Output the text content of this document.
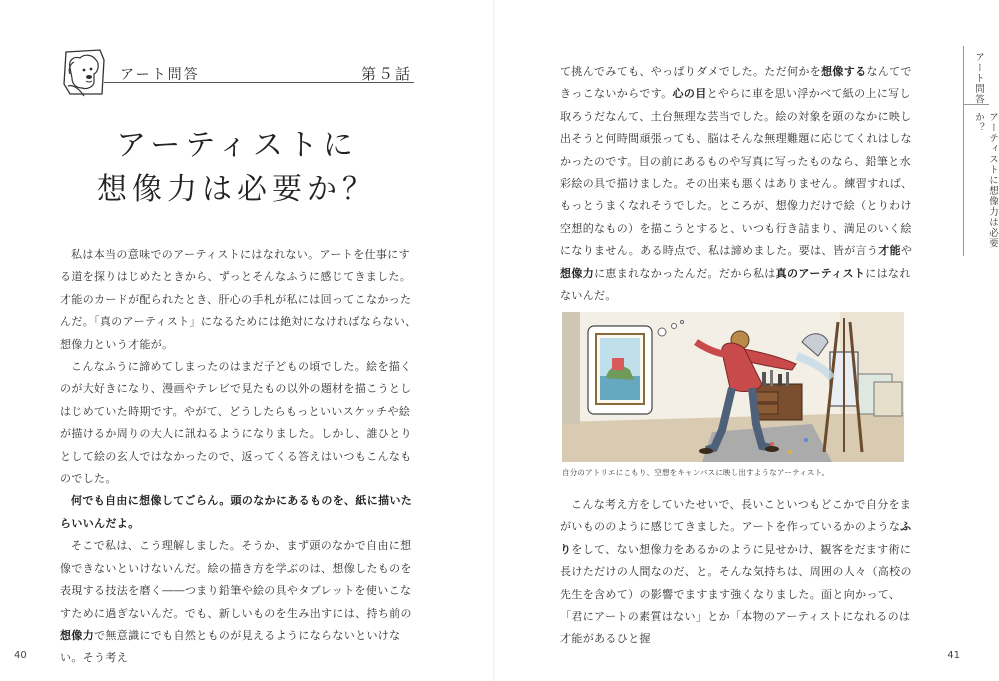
アート問答	第５話
アーティストに
想像力は必要か？

私は本当の意味でのアーティストにはなれない。アートを仕事にする道を探りはじめたときから、ずっとそんなふうに感じてきました。才能のカードが配られたとき、肝心の手札が私には回ってこなかったんだ。「真のアーティスト」になるためには絶対になければならない、想像力という才能が。

こんなふうに諦めてしまったのはまだ子どもの頃でした。絵を描くのが大好きになり、漫画やテレビで見たもの以外の題材を描こうとしはじめていた時期です。やがて、どうしたらもっといいスケッチや絵が描けるか周りの大人に訊ねるようになりました。しかし、誰ひとりとして絵の玄人ではなかったので、返ってくる答えはいつもこんなものでした。

何でも自由に想像してごらん。頭のなかにあるものを、紙に描いたらいいんだよ。

そこで私は、こう理解しました。そうか、まず頭のなかで自由に想像できないといけないんだ。絵の描き方を学ぶのは、想像したものを表現する技法を磨く――つまり鉛筆や絵の具やタブレットを使いこなすために過ぎないんだ。でも、新しいものを生み出すには、持ち前の想像力で無意識にでも自然とものが見えるようにならないといけない。そう考え

40

て挑んでみても、やっぱりダメでした。ただ何かを想像するなんてできっこないからです。心の目とやらに車を思い浮かべて紙の上に写し取ろうだなんて、土台無理な芸当でした。絵の対象を頭のなかに映し出そうと何時間頑張っても、脳はそんな無理難題に応じてくれはしなかったのです。目の前にあるものや写真に写ったものなら、鉛筆と水彩絵の具で描けました。その出来も悪くはありません。練習すれば、もっとうまくなれそうでした。ところが、想像力だけで絵（とりわけ空想的なもの）を描こうとすると、いつも行き詰まり、満足のいく絵になりません。ある時点で、私は諦めました。要は、皆が言う才能や想像力に恵まれなかったんだ。だから私は真のアーティストにはなれないんだ。

自分のアトリエにこもり、空想をキャンバスに映し出すようなアーティスト。

こんな考え方をしていたせいで、長いこといつもどこかで自分をまがいもののように感じてきました。アートを作っているかのようなふりをして、ない想像力をあるかのように見せかけ、観客をだます術に長けただけの人間なのだ、と。そんな気持ちは、周囲の人々（高校の先生を含めて）の影響でますます強くなりました。面と向かって、「君にアートの素質はない」とか「本物のアーティストになれるのは才能があるひと握

アート問答
アーティストに想像力は必要か？
41
